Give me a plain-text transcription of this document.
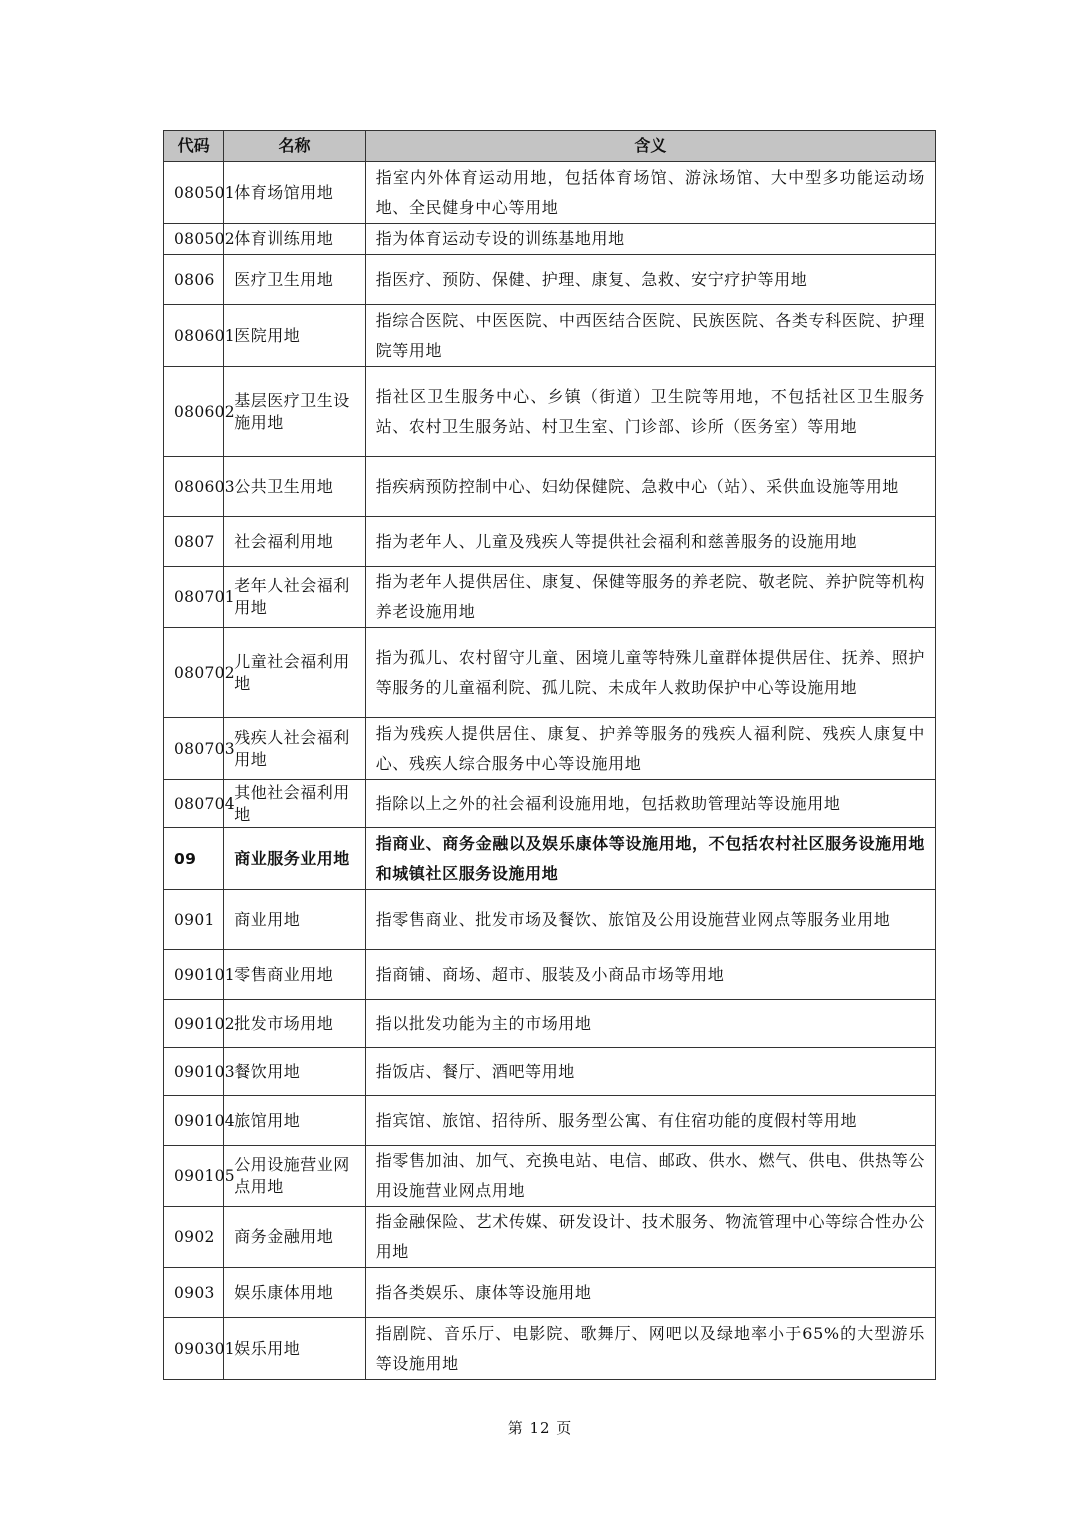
代码	名称	含义
080501	体育场馆用地	指室内外体育运动用地，包括体育场馆、游泳场馆、大中型多功能运动场地、全民健身中心等用地
080502	体育训练用地	指为体育运动专设的训练基地用地
0806	医疗卫生用地	指医疗、预防、保健、护理、康复、急救、安宁疗护等用地
080601	医院用地	指综合医院、中医医院、中西医结合医院、民族医院、各类专科医院、护理院等用地
080602	基层医疗卫生设施用地	指社区卫生服务中心、乡镇（街道）卫生院等用地，不包括社区卫生服务站、农村卫生服务站、村卫生室、门诊部、诊所（医务室）等用地
080603	公共卫生用地	指疾病预防控制中心、妇幼保健院、急救中心（站）、采供血设施等用地
0807	社会福利用地	指为老年人、儿童及残疾人等提供社会福利和慈善服务的设施用地
080701	老年人社会福利用地	指为老年人提供居住、康复、保健等服务的养老院、敬老院、养护院等机构养老设施用地
080702	儿童社会福利用地	指为孤儿、农村留守儿童、困境儿童等特殊儿童群体提供居住、抚养、照护等服务的儿童福利院、孤儿院、未成年人救助保护中心等设施用地
080703	残疾人社会福利用地	指为残疾人提供居住、康复、护养等服务的残疾人福利院、残疾人康复中心、残疾人综合服务中心等设施用地
080704	其他社会福利用地	指除以上之外的社会福利设施用地，包括救助管理站等设施用地
09	商业服务业用地	指商业、商务金融以及娱乐康体等设施用地，不包括农村社区服务设施用地和城镇社区服务设施用地
0901	商业用地	指零售商业、批发市场及餐饮、旅馆及公用设施营业网点等服务业用地
090101	零售商业用地	指商铺、商场、超市、服装及小商品市场等用地
090102	批发市场用地	指以批发功能为主的市场用地
090103	餐饮用地	指饭店、餐厅、酒吧等用地
090104	旅馆用地	指宾馆、旅馆、招待所、服务型公寓、有住宿功能的度假村等用地
090105	公用设施营业网点用地	指零售加油、加气、充换电站、电信、邮政、供水、燃气、供电、供热等公用设施营业网点用地
0902	商务金融用地	指金融保险、艺术传媒、研发设计、技术服务、物流管理中心等综合性办公用地
0903	娱乐康体用地	指各类娱乐、康体等设施用地
090301	娱乐用地	指剧院、音乐厅、电影院、歌舞厅、网吧以及绿地率小于65%的大型游乐等设施用地
第 12 页
